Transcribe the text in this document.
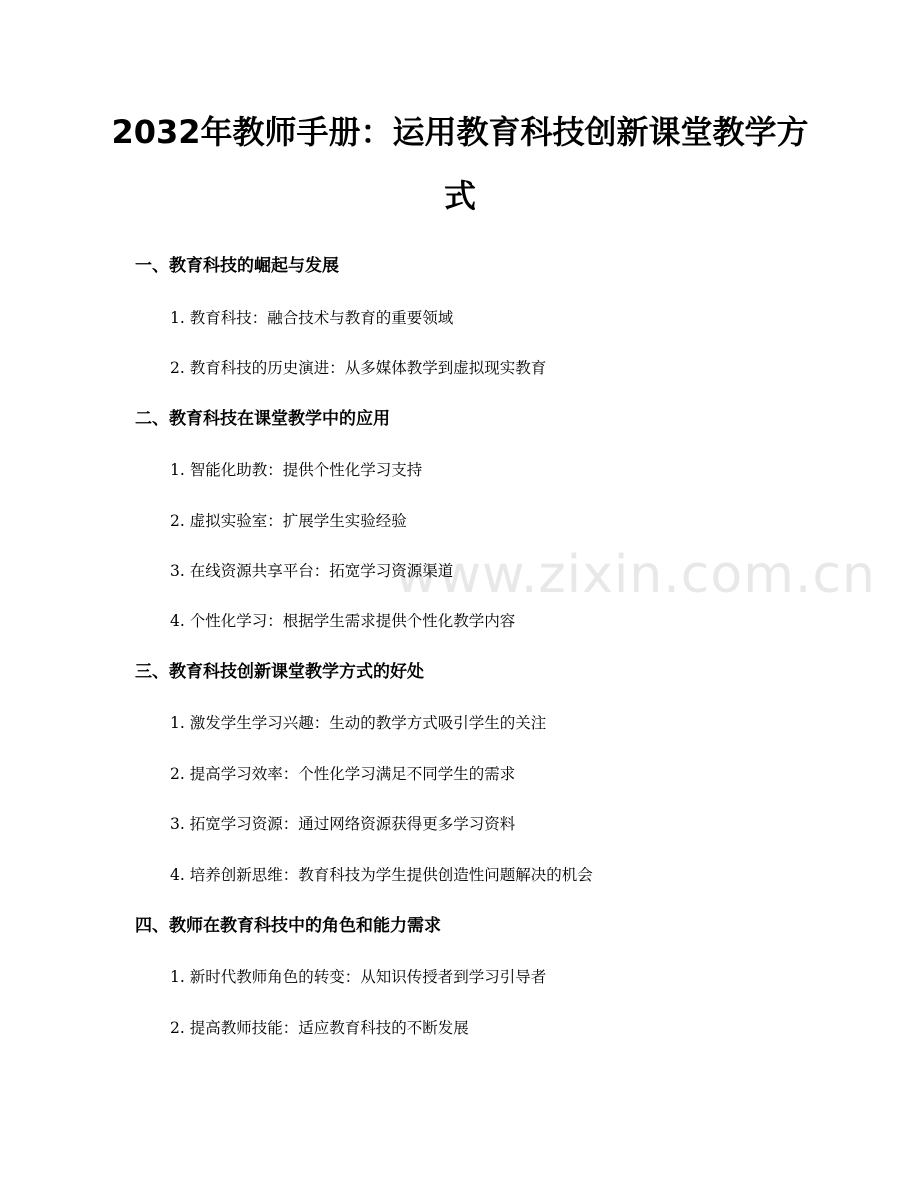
2032年教师手册：运用教育科技创新课堂教学方式
www.zixin.com.cn
一、教育科技的崛起与发展

1. 教育科技：融合技术与教育的重要领域

2. 教育科技的历史演进：从多媒体教学到虚拟现实教育

二、教育科技在课堂教学中的应用

1. 智能化助教：提供个性化学习支持

2. 虚拟实验室：扩展学生实验经验

3. 在线资源共享平台：拓宽学习资源渠道

4. 个性化学习：根据学生需求提供个性化教学内容

三、教育科技创新课堂教学方式的好处

1. 激发学生学习兴趣：生动的教学方式吸引学生的关注

2. 提高学习效率：个性化学习满足不同学生的需求

3. 拓宽学习资源：通过网络资源获得更多学习资料

4. 培养创新思维：教育科技为学生提供创造性问题解决的机会

四、教师在教育科技中的角色和能力需求

1. 新时代教师角色的转变：从知识传授者到学习引导者

2. 提高教师技能：适应教育科技的不断发展
